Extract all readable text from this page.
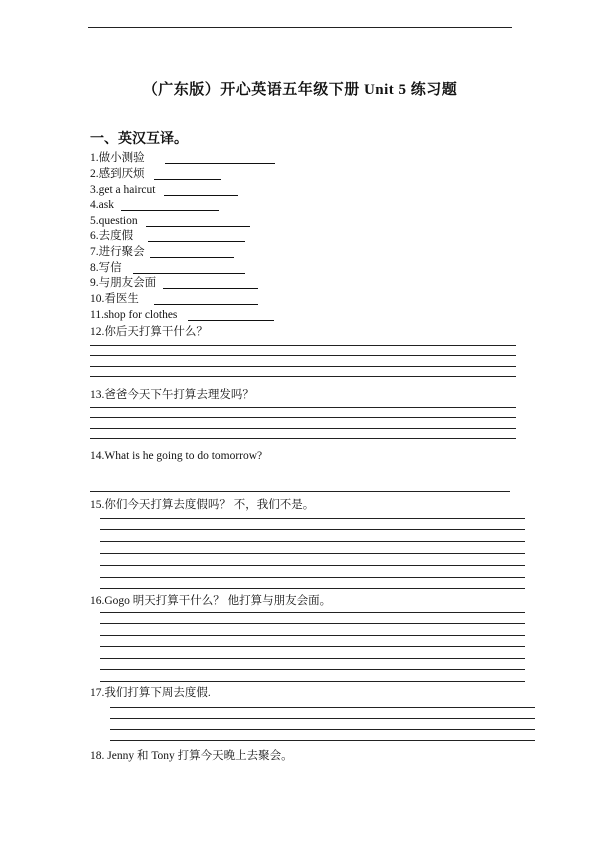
（广东版）开心英语五年级下册 Unit 5 练习题
一、英汉互译。
1.做小测验
2.感到厌烦
3.get a haircut
4.ask
5.question
6.去度假
7.进行聚会
8.写信
9.与朋友会面
10.看医生
11.shop for clothes
12.你后天打算干什么？
13.爸爸今天下午打算去理发吗？
14.What is he going to do tomorrow?
15.你们今天打算去度假吗？ 不，我们不是。
16.Gogo 明天打算干什么？ 他打算与朋友会面。
17.我们打算下周去度假.
18. Jenny 和 Tony 打算今天晚上去聚会。
